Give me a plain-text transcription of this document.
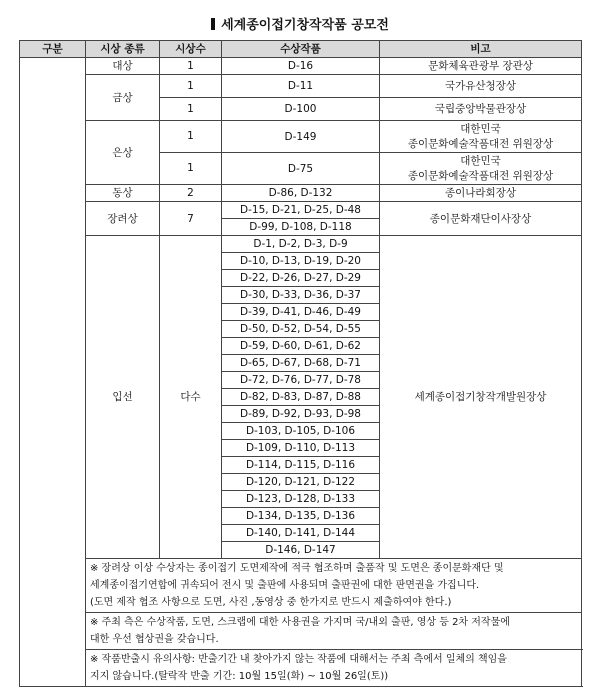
세계종이접기창작작품 공모전
구분	시상 종류	시상수	수상작품	비고
	대상	1	D-16	문화체육관광부 장관상
	금상	1	D-11	국가유산청장상
		1	D-100	국립중앙박물관장상
	은상	1	D-149	대한민국
종이문화예술작품대전 위원장상

		1	D-75	대한민국
종이문화예술작품대전 위원장상

	동상	2	D-86, D-132	종이나라회장상
	장려상	7	D-15, D-21, D-25, D-48	종이문화재단이사장상
			D-99, D-108, D-118	
	입선	다수	D-1, D-2, D-3, D-9	세계종이접기창작개발원장상
			D-10, D-13, D-19, D-20	
			D-22, D-26, D-27, D-29	
			D-30, D-33, D-36, D-37	
			D-39, D-41, D-46, D-49	
			D-50, D-52, D-54, D-55	
			D-59, D-60, D-61, D-62	
			D-65, D-67, D-68, D-71	
			D-72, D-76, D-77, D-78	
			D-82, D-83, D-87, D-88	
			D-89, D-92, D-93, D-98	
			D-103, D-105, D-106	
			D-109, D-110, D-113	
			D-114, D-115, D-116	
			D-120, D-121, D-122	
			D-123, D-128, D-133	
			D-134, D-135, D-136	
			D-140, D-141, D-144	
			D-146, D-147	

	※ 장려상 이상 수상자는 종이접기 도면제작에 적극 협조하며 출품작 및 도면은 종이문화재단 및
세계종이접기연합에 귀속되어 전시 및 출판에 사용되며 출판권에 대한 판면권을 가집니다.
(도면 제작 협조 사항으로 도면, 사진 ,동영상 중 한가지로 반드시 제출하여야 한다.)			

	※ 주최 측은 수상작품, 도면, 스크랩에 대한 사용권을 가지며 국/내외 출판, 영상 등 2차 저작물에
대한 우선 협상권을 갖습니다.			

	※ 작품반출시 유의사항: 반출기간 내 찾아가지 않는 작품에 대해서는 주최 측에서 일체의 책임을
지지 않습니다.(탈락작 반출 기간: 10월 15일(화) ~ 10월 26일(토))			
